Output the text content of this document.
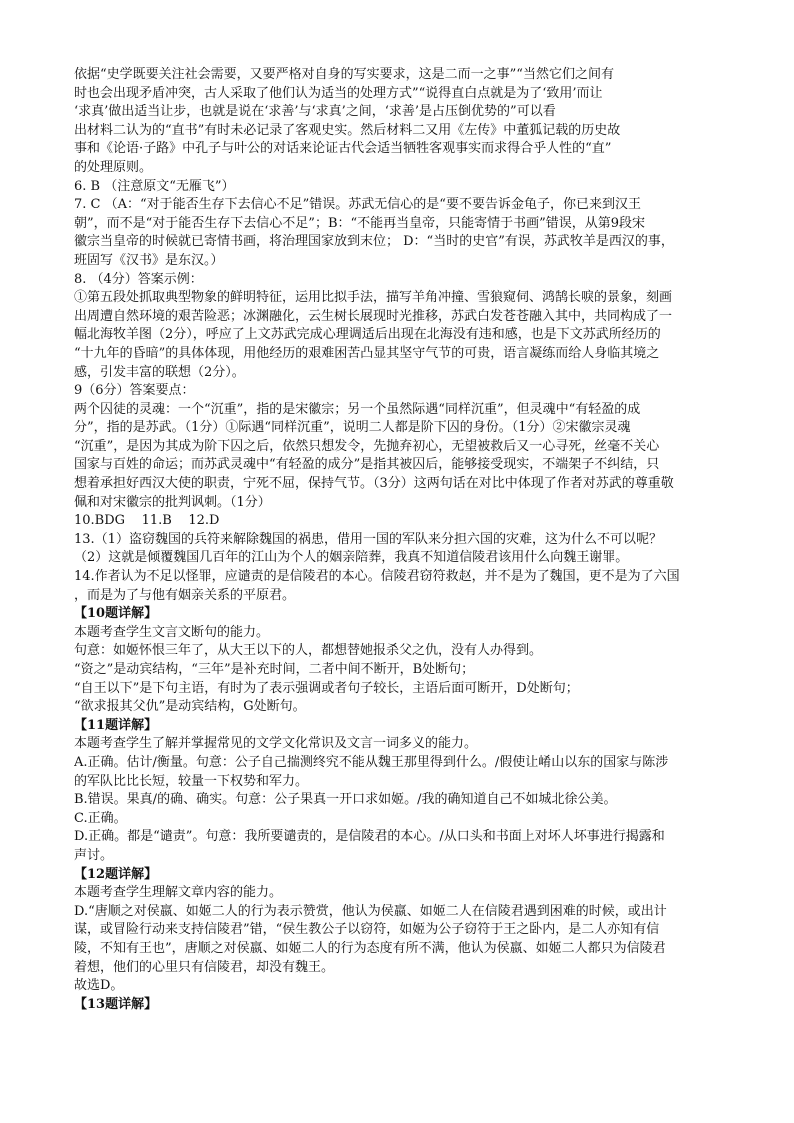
依据“史学既要关注社会需要，又要严格对自身的写实要求，这是二而一之事”“当然它们之间有
时也会出现矛盾冲突，古人采取了他们认为适当的处理方式”“说得直白点就是为了‘致用’而让
‘求真’做出适当让步，也就是说在‘求善’与‘求真’之间，‘求善’是占压倒优势的”可以看
出材料二认为的“直书”有时未必记录了客观史实。然后材料二又用《左传》中董狐记载的历史故
事和《论语·子路》中孔子与叶公的对话来论证古代会适当牺牲客观事实而求得合乎人性的“直”
的处理原则。
6. B （注意原文“无雁飞”）
7. C （A：“对于能否生存下去信心不足”错误。苏武无信心的是“要不要告诉金龟子，你已来到汉王
朝”，而不是“对于能否生存下去信心不足”；B：“不能再当皇帝，只能寄情于书画”错误，从第9段宋
徽宗当皇帝的时候就已寄情书画，将治理国家放到末位； D：“当时的史官”有误，苏武牧羊是西汉的事，
班固写《汉书》是东汉。）
8. （4分）答案示例：
①第五段处抓取典型物象的鲜明特征，运用比拟手法，描写羊角冲撞、雪狼窥伺、鸿鹄长唳的景象，刻画
出周遭自然环境的艰苦险恶；冰渊融化，云生树长展现时光推移，苏武白发苍苍融入其中，共同构成了一
幅北海牧羊图（2分），呼应了上文苏武完成心理调适后出现在北海没有违和感，也是下文苏武所经历的
“十九年的昏暗”的具体体现，用他经历的艰难困苦凸显其坚守气节的可贵，语言凝练而给人身临其境之
感，引发丰富的联想（2分）。
9（6分）答案要点：
两个囚徒的灵魂：一个“沉重”，指的是宋徽宗；另一个虽然际遇“同样沉重”，但灵魂中“有轻盈的成
分”，指的是苏武。（1分）①际遇“同样沉重”，说明二人都是阶下囚的身份。（1分）②宋徽宗灵魂
“沉重”，是因为其成为阶下囚之后，依然只想发令，先抛弃初心，无望被救后又一心寻死，丝毫不关心
国家与百姓的命运；而苏武灵魂中“有轻盈的成分”是指其被囚后，能够接受现实，不端架子不纠结，只
想着承担好西汉大使的职责，宁死不屈，保持气节。（3分）这两句话在对比中体现了作者对苏武的尊重敬
佩和对宋徽宗的批判讽刺。（1分）
10.BDG    11.B    12.D
13.（1）盗窃魏国的兵符来解除魏国的祸患，借用一国的军队来分担六国的灾难，这为什么不可以呢？
（2）这就是倾覆魏国几百年的江山为个人的姻亲陪葬，我真不知道信陵君该用什么向魏王谢罪。
14.作者认为不足以怪罪，应谴责的是信陵君的本心。信陵君窃符救赵，并不是为了魏国，更不是为了六国
，而是为了与他有姻亲关系的平原君。
【10题详解】
本题考查学生文言文断句的能力。
句意：如姬怀恨三年了，从大王以下的人，都想替她报杀父之仇，没有人办得到。
“资之”是动宾结构，“三年”是补充时间，二者中间不断开，B处断句；
“自王以下”是下句主语，有时为了表示强调或者句子较长，主语后面可断开，D处断句；
“欲求报其父仇”是动宾结构，G处断句。
【11题详解】
本题考查学生了解并掌握常见的文学文化常识及文言一词多义的能力。
A.正确。估计/衡量。句意：公子自己揣测终究不能从魏王那里得到什么。/假使让崤山以东的国家与陈涉
的军队比比长短，较量一下权势和军力。
B.错误。果真/的确、确实。句意：公子果真一开口求如姬。/我的确知道自己不如城北徐公美。
C.正确。
D.正确。都是“谴责”。句意：我所要谴责的，是信陵君的本心。/从口头和书面上对坏人坏事进行揭露和
声讨。
【12题详解】
本题考查学生理解文章内容的能力。
D.“唐顺之对侯嬴、如姬二人的行为表示赞赏，他认为侯嬴、如姬二人在信陵君遇到困难的时候，或出计
谋，或冒险行动来支持信陵君”错，“侯生教公子以窃符，如姬为公子窃符于王之卧内，是二人亦知有信
陵，不知有王也”，唐顺之对侯嬴、如姬二人的行为态度有所不满，他认为侯嬴、如姬二人都只为信陵君
着想，他们的心里只有信陵君，却没有魏王。
故选D。
【13题详解】
